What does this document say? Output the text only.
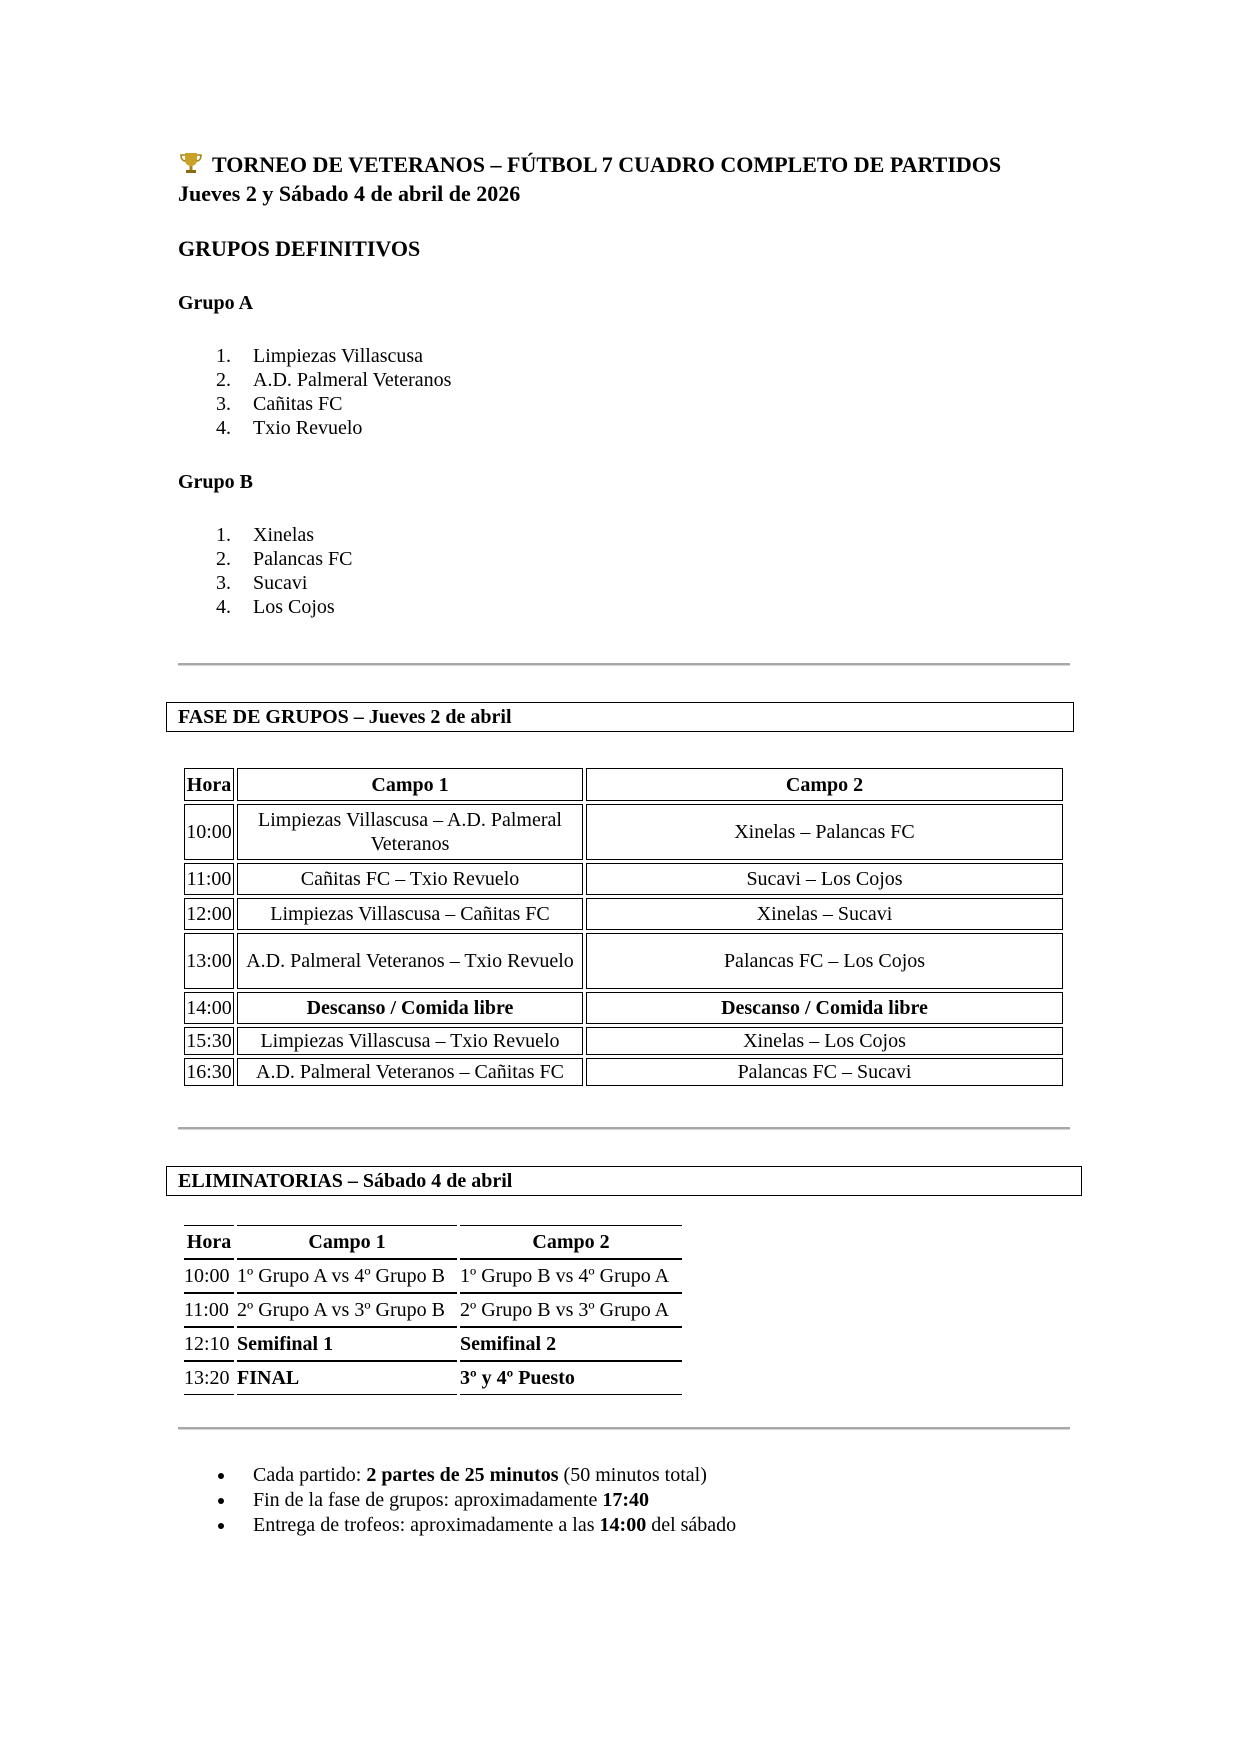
TORNEO DE VETERANOS – FÚTBOL 7 CUADRO COMPLETO DE PARTIDOS
Jueves 2 y Sábado 4 de abril de 2026
GRUPOS DEFINITIVOS
Grupo A
1. Limpiezas Villascusa
2. A.D. Palmeral Veteranos
3. Cañitas FC
4. Txio Revuelo
Grupo B
1. Xinelas
2. Palancas FC
3. Sucavi
4. Los Cojos
FASE DE GRUPOS – Jueves 2 de abril
Hora	Campo 1	Campo 2
10:00	Limpiezas Villascusa – A.D. Palmeral Veteranos	Xinelas – Palancas FC
11:00	Cañitas FC – Txio Revuelo	Sucavi – Los Cojos
12:00	Limpiezas Villascusa – Cañitas FC	Xinelas – Sucavi
13:00	A.D. Palmeral Veteranos – Txio Revuelo	Palancas FC – Los Cojos
14:00	Descanso / Comida libre	Descanso / Comida libre
15:30	Limpiezas Villascusa – Txio Revuelo	Xinelas – Los Cojos
16:30	A.D. Palmeral Veteranos – Cañitas FC	Palancas FC – Sucavi
ELIMINATORIAS – Sábado 4 de abril
Hora	Campo 1	Campo 2
10:00	1º Grupo A vs 4º Grupo B	1º Grupo B vs 4º Grupo A
11:00	2º Grupo A vs 3º Grupo B	2º Grupo B vs 3º Grupo A
12:10	Semifinal 1	Semifinal 2
13:20	FINAL	3º y 4º Puesto
Cada partido: 2 partes de 25 minutos (50 minutos total)
Fin de la fase de grupos: aproximadamente 17:40
Entrega de trofeos: aproximadamente a las 14:00 del sábado
